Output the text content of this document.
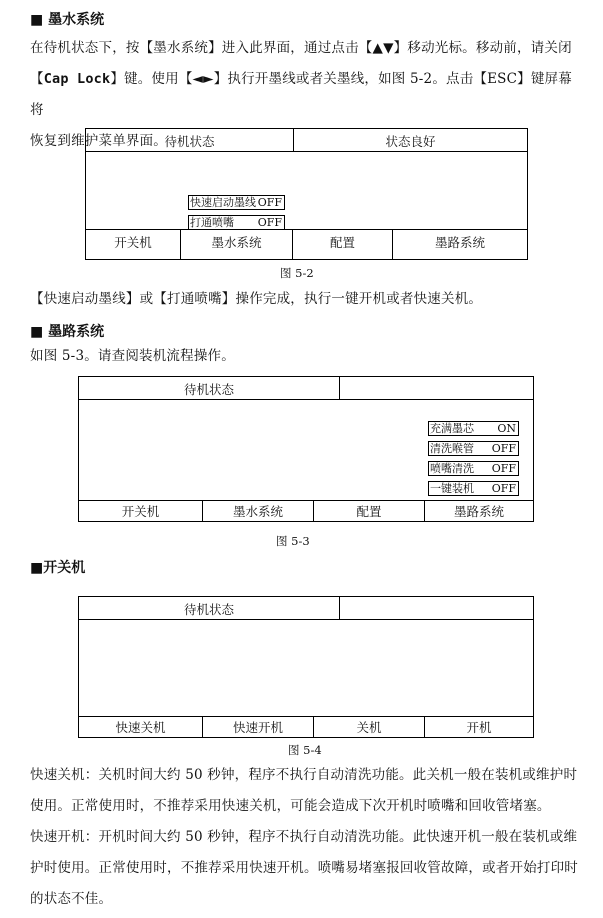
■ 墨水系统
在待机状态下，按【墨水系统】进入此界面，通过点击【▲▼】移动光标。移动前，请关闭
【Cap Lock】键。使用【◄►】执行开墨线或者关墨线，如图 5-2。点击【ESC】键屏幕将
恢复到维护菜单界面。
待机状态	状态良好
快速启动墨线 OFF
打通喷嘴 OFF
开关机	墨水系统	配置	墨路系统
图 5-2
【快速启动墨线】或【打通喷嘴】操作完成，执行一键开机或者快速关机。
■ 墨路系统
如图 5-3。请查阅装机流程操作。
待机状态
充满墨芯 ON
清洗喉管 OFF
喷嘴清洗 OFF
一键装机 OFF
开关机	墨水系统	配置	墨路系统
图 5-3
■开关机
待机状态
快速关机	快速开机	关机	开机
图 5-4
快速关机：关机时间大约 50 秒钟，程序不执行自动清洗功能。此关机一般在装机或维护时
使用。正常使用时，不推荐采用快速关机，可能会造成下次开机时喷嘴和回收管堵塞。
快速开机：开机时间大约 50 秒钟，程序不执行自动清洗功能。此快速开机一般在装机或维
护时使用。正常使用时，不推荐采用快速开机。喷嘴易堵塞报回收管故障，或者开始打印时
的状态不佳。
